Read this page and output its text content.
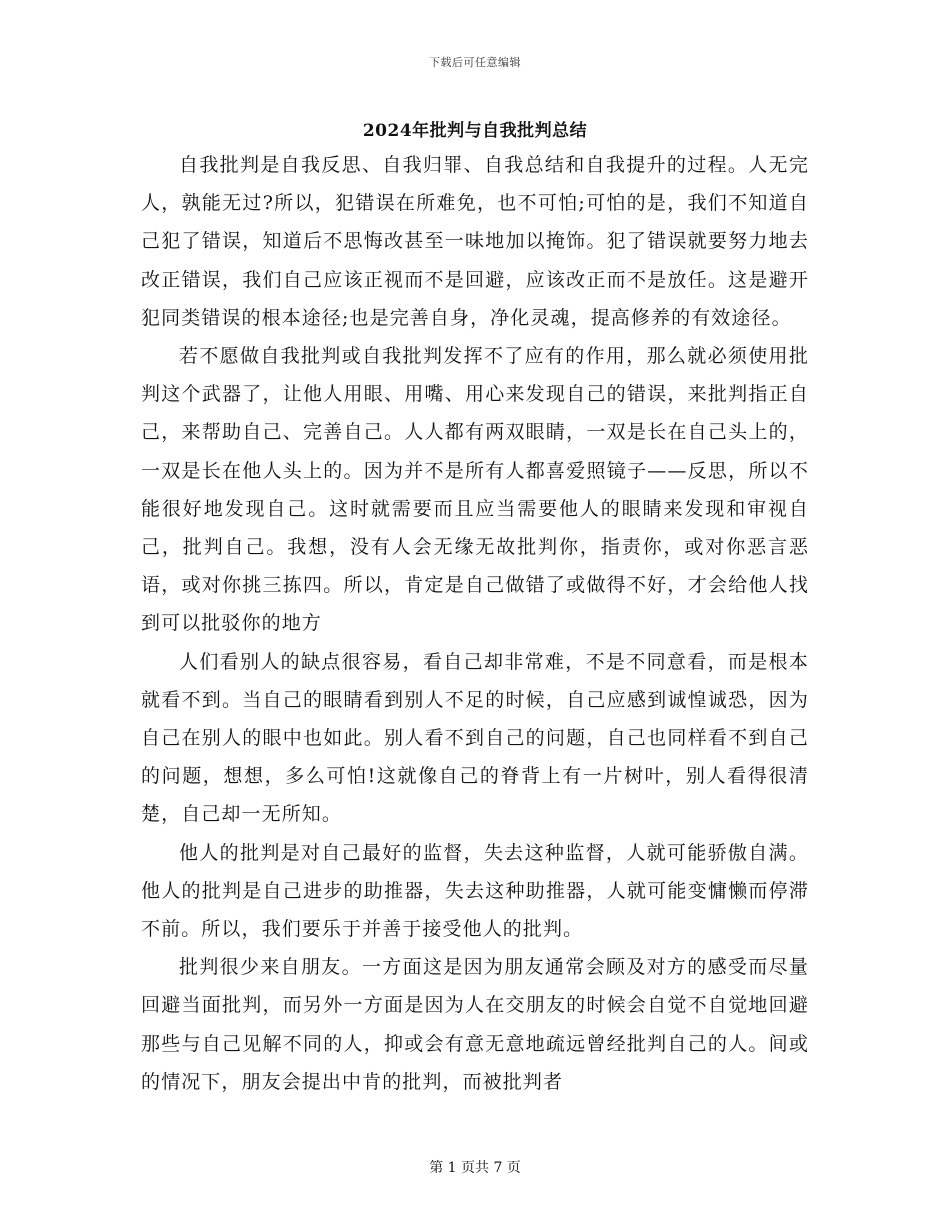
下载后可任意编辑
2024年批判与自我批判总结

自我批判是自我反思、自我归罪、自我总结和自我提升的过程。人无完人，孰能无过?所以，犯错误在所难免，也不可怕;可怕的是，我们不知道自己犯了错误，知道后不思悔改甚至一味地加以掩饰。犯了错误就要努力地去改正错误，我们自己应该正视而不是回避，应该改正而不是放任。这是避开犯同类错误的根本途径;也是完善自身，净化灵魂，提高修养的有效途径。

若不愿做自我批判或自我批判发挥不了应有的作用，那么就必须使用批判这个武器了，让他人用眼、用嘴、用心来发现自己的错误，来批判指正自己，来帮助自己、完善自己。人人都有两双眼睛，一双是长在自己头上的，一双是长在他人头上的。因为并不是所有人都喜爱照镜子——反思，所以不能很好地发现自己。这时就需要而且应当需要他人的眼睛来发现和审视自己，批判自己。我想，没有人会无缘无故批判你，指责你，或对你恶言恶语，或对你挑三拣四。所以，肯定是自己做错了或做得不好，才会给他人找到可以批驳你的地方

人们看别人的缺点很容易，看自己却非常难，不是不同意看，而是根本就看不到。当自己的眼睛看到别人不足的时候，自己应感到诚惶诚恐，因为自己在别人的眼中也如此。别人看不到自己的问题，自己也同样看不到自己的问题，想想，多么可怕!这就像自己的脊背上有一片树叶，别人看得很清楚，自己却一无所知。

他人的批判是对自己最好的监督，失去这种监督，人就可能骄傲自满。他人的批判是自己进步的助推器，失去这种助推器，人就可能变慵懒而停滞不前。所以，我们要乐于并善于接受他人的批判。

批判很少来自朋友。一方面这是因为朋友通常会顾及对方的感受而尽量回避当面批判，而另外一方面是因为人在交朋友的时候会自觉不自觉地回避那些与自己见解不同的人，抑或会有意无意地疏远曾经批判自己的人。间或的情况下，朋友会提出中肯的批判，而被批判者

第 1 页共 7 页
